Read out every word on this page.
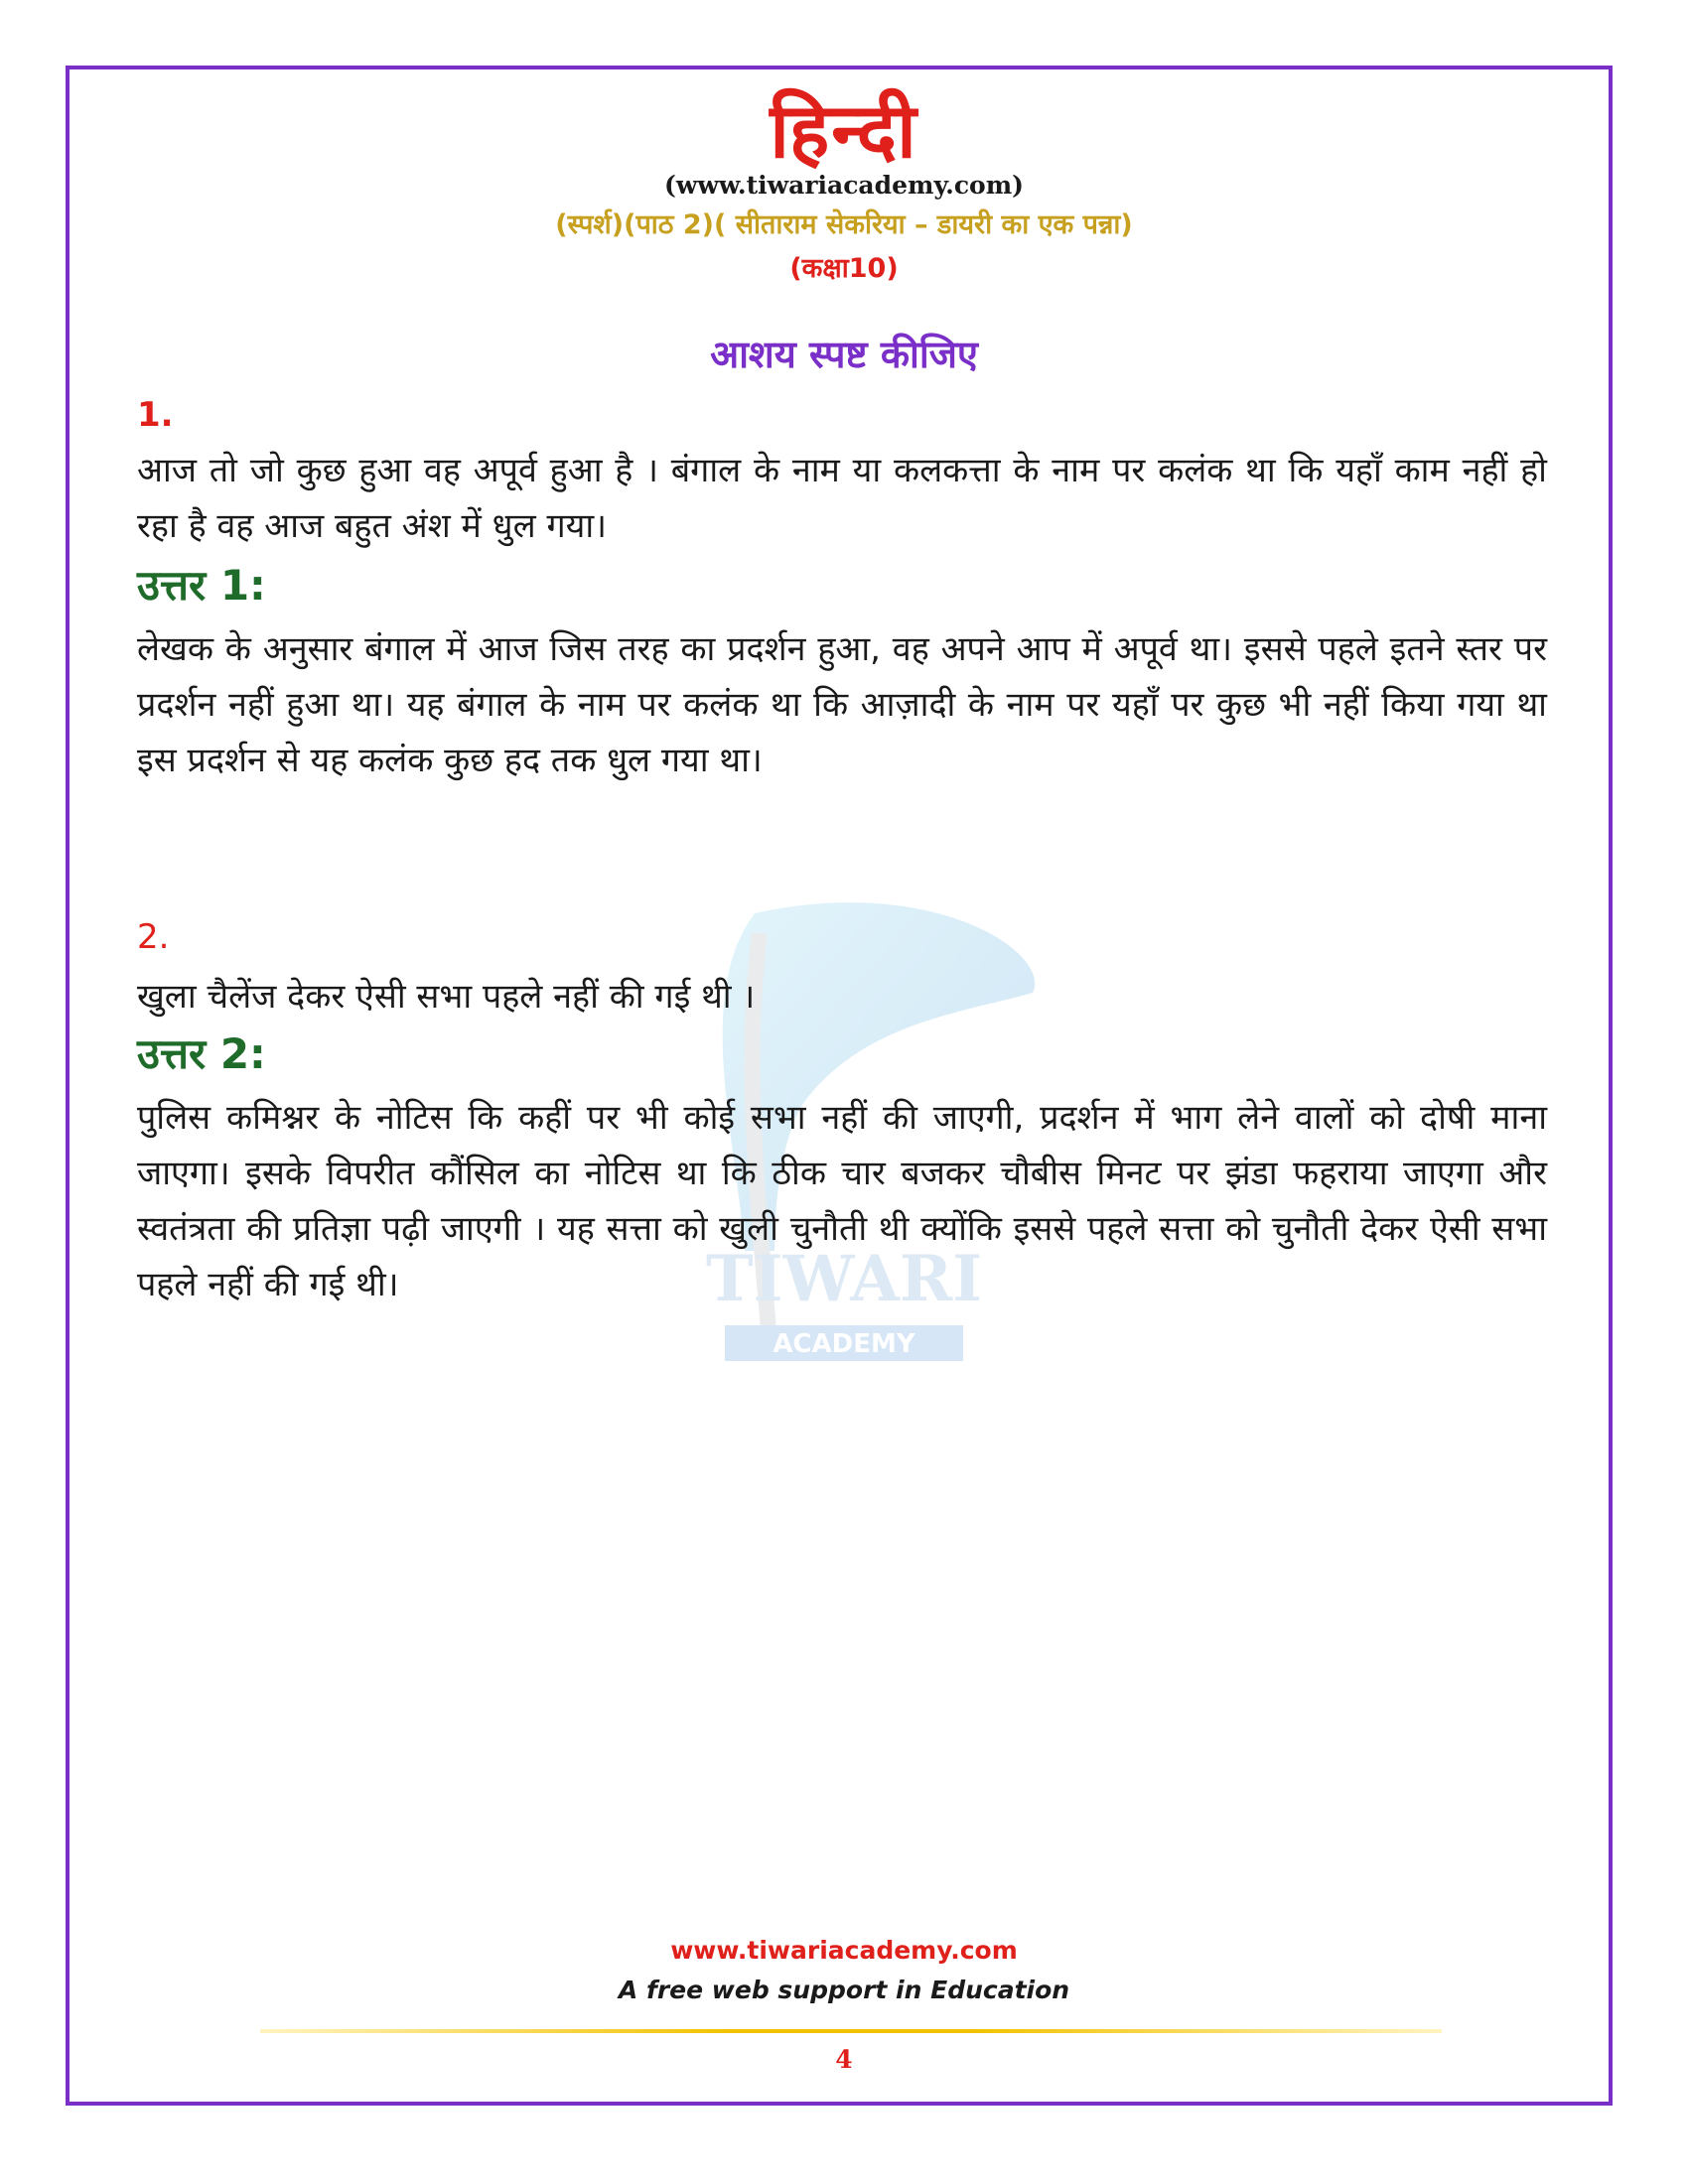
TIWARI
ACADEMY
हिन्दी
(www.tiwariacademy.com)
(स्पर्श)(पाठ 2)( सीताराम सेकरिया – डायरी का एक पन्ना)
(कक्षा10)
आशय स्पष्ट कीजिए
1.
आज तो जो कुछ हुआ वह अपूर्व हुआ है । बंगाल के नाम या कलकत्ता के नाम पर कलंक था कि यहाँ काम नहीं हो रहा है वह आज बहुत अंश में धुल गया।
उत्तर 1:
लेखक के अनुसार बंगाल में आज जिस तरह का प्रदर्शन हुआ, वह अपने आप में अपूर्व था। इससे पहले इतने स्तर पर प्रदर्शन नहीं हुआ था। यह बंगाल के नाम पर कलंक था कि आज़ादी के नाम पर यहाँ पर कुछ भी नहीं किया गया था इस प्रदर्शन से यह कलंक कुछ हद तक धुल गया था।
2.
खुला चैलेंज देकर ऐसी सभा पहले नहीं की गई थी ।
उत्तर 2:
पुलिस कमिश्नर के नोटिस कि कहीं पर भी कोई सभा नहीं की जाएगी, प्रदर्शन में भाग लेने वालों को दोषी माना जाएगा। इसके विपरीत कौंसिल का नोटिस था कि ठीक चार बजकर चौबीस मिनट पर झंडा फहराया जाएगा और स्वतंत्रता की प्रतिज्ञा पढ़ी जाएगी । यह सत्ता को खुली चुनौती थी क्योंकि इससे पहले सत्ता को चुनौती देकर ऐसी सभा पहले नहीं की गई थी।
www.tiwariacademy.com
A free web support in Education
4
